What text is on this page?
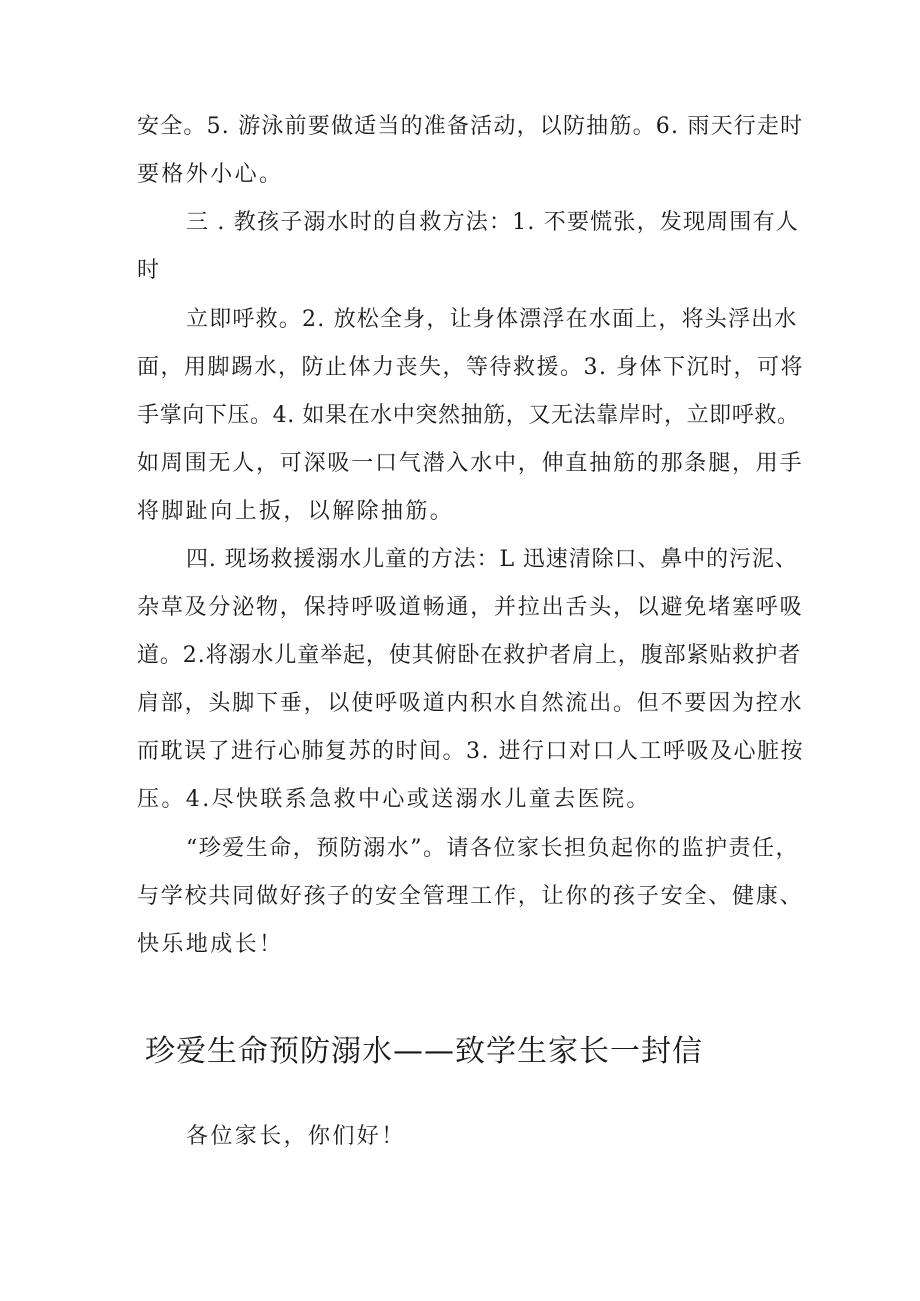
安全。5. 游泳前要做适当的准备活动，以防抽筋。6. 雨天行走时
要格外小心。
三 . 教孩子溺水时的自救方法：1. 不要慌张，发现周围有人
时
立即呼救。2. 放松全身，让身体漂浮在水面上，将头浮出水
面，用脚踢水，防止体力丧失，等待救援。3. 身体下沉时，可将
手掌向下压。4. 如果在水中突然抽筋，又无法靠岸时，立即呼救。
如周围无人，可深吸一口气潜入水中，伸直抽筋的那条腿，用手
将脚趾向上扳，以解除抽筋。
四. 现场救援溺水儿童的方法：L 迅速清除口、鼻中的污泥、
杂草及分泌物，保持呼吸道畅通，并拉出舌头，以避免堵塞呼吸
道。2.将溺水儿童举起，使其俯卧在救护者肩上，腹部紧贴救护者
肩部，头脚下垂，以使呼吸道内积水自然流出。但不要因为控水
而耽误了进行心肺复苏的时间。3. 进行口对口人工呼吸及心脏按
压。4.尽快联系急救中心或送溺水儿童去医院。
“珍爱生命，预防溺水”。请各位家长担负起你的监护责任，
与学校共同做好孩子的安全管理工作，让你的孩子安全、健康、
快乐地成长！
珍爱生命预防溺水——致学生家长一封信
各位家长，你们好！
